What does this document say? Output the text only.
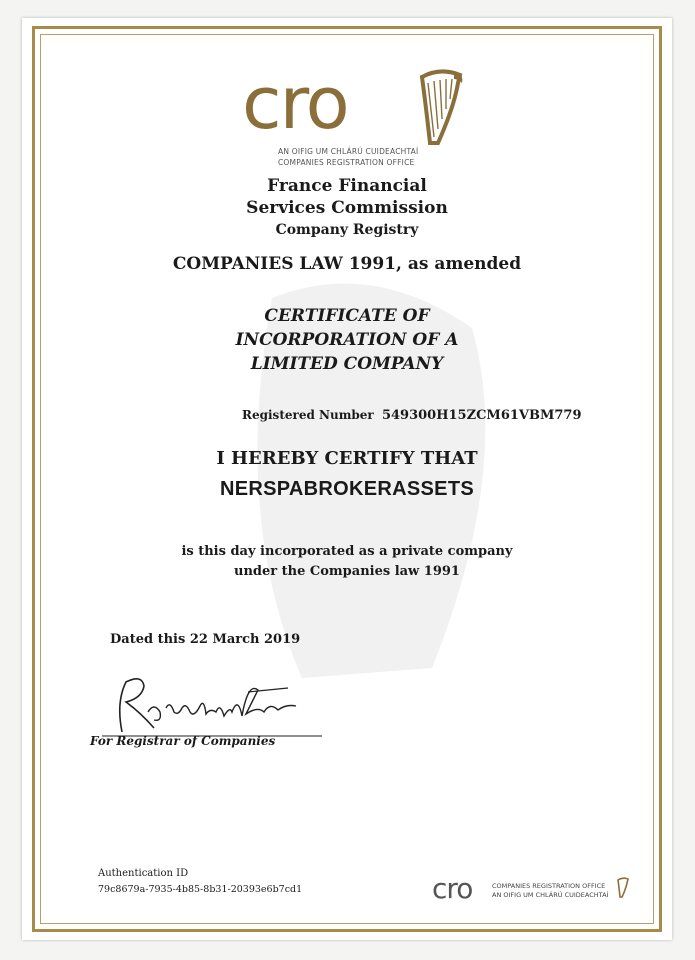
cro
AN OIFIG UM CHLÁRÚ CUIDEACHTAÍ
COMPANIES REGISTRATION OFFICE
France Financial
Services Commission
Company Registry
COMPANIES LAW 1991, as amended
CERTIFICATE OF
INCORPORATION OF A
LIMITED COMPANY
Registered Number 549300H15ZCM61VBM779
I HEREBY CERTIFY THAT
NERSPABROKERASSETS
is this day incorporated as a private company
under the Companies law 1991
Dated this 22 March 2019
For Registrar of Companies
Authentication ID
79c8679a-7935-4b85-8b31-20393e6b7cd1	cro	COMPANIES REGISTRATION OFFICE
AN OIFIG UM CHLÁRÚ CUIDEACHTAÍ
